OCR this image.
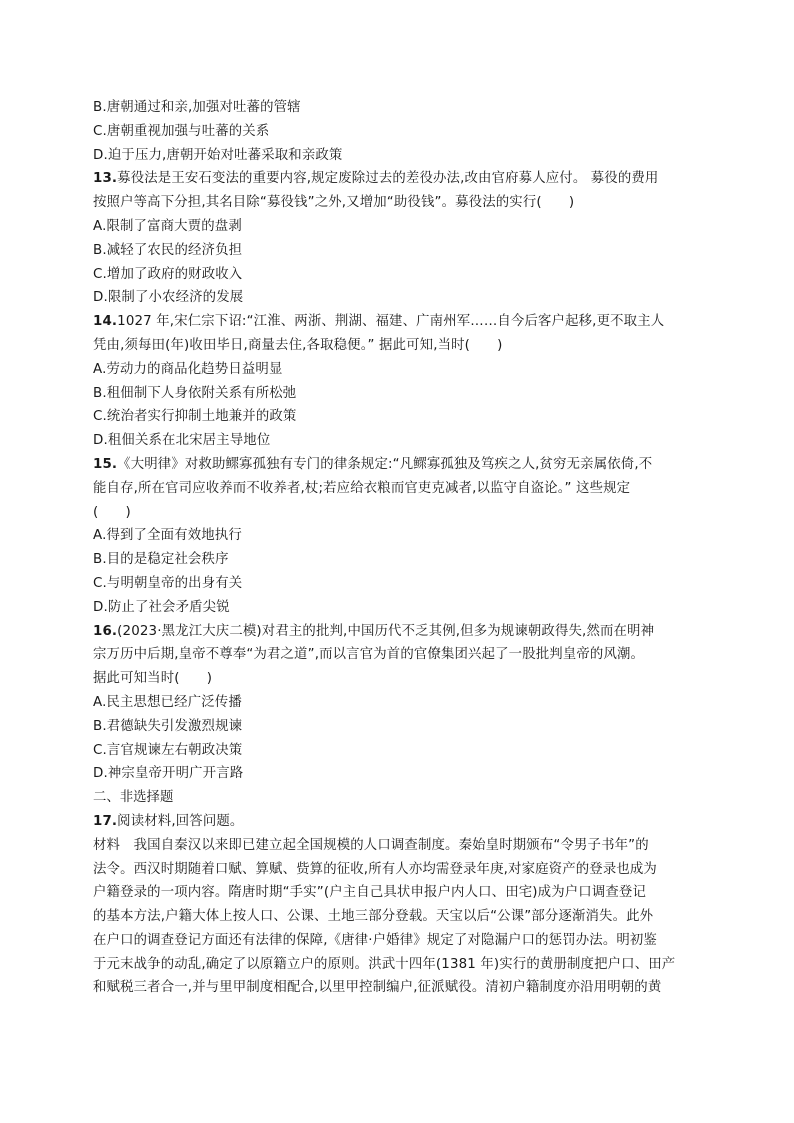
B.唐朝通过和亲,加强对吐蕃的管辖
C.唐朝重视加强与吐蕃的关系
D.迫于压力,唐朝开始对吐蕃采取和亲政策
13.募役法是王安石变法的重要内容,规定废除过去的差役办法,改由官府募人应付。 募役的费用
按照户等高下分担,其名目除“募役钱”之外,又增加“助役钱”。募役法的实行(　　)
A.限制了富商大贾的盘剥
B.减轻了农民的经济负担
C.增加了政府的财政收入
D.限制了小农经济的发展
14.1027 年,宋仁宗下诏:“江淮、两浙、荆湖、福建、广南州军……自今后客户起移,更不取主人
凭由,须每田(年)收田毕日,商量去住,各取稳便。” 据此可知,当时(　　)
A.劳动力的商品化趋势日益明显
B.租佃制下人身依附关系有所松弛
C.统治者实行抑制土地兼并的政策
D.租佃关系在北宋居主导地位
15.《大明律》对救助鳏寡孤独有专门的律条规定:“凡鳏寡孤独及笃疾之人,贫穷无亲属依倚,不
能自存,所在官司应收养而不收养者,杖;若应给衣粮而官吏克减者,以监守自盗论。” 这些规定
(　　)
A.得到了全面有效地执行
B.目的是稳定社会秩序
C.与明朝皇帝的出身有关
D.防止了社会矛盾尖锐
16.(2023·黑龙江大庆二模)对君主的批判,中国历代不乏其例,但多为规谏朝政得失,然而在明神
宗万历中后期,皇帝不尊奉“为君之道”,而以言官为首的官僚集团兴起了一股批判皇帝的风潮。
据此可知当时(　　)
A.民主思想已经广泛传播
B.君德缺失引发激烈规谏
C.言官规谏左右朝政决策
D.神宗皇帝开明广开言路
二、非选择题
17.阅读材料,回答问题。
材料　我国自秦汉以来即已建立起全国规模的人口调查制度。秦始皇时期颁布“令男子书年”的
法令。西汉时期随着口赋、算赋、赀算的征收,所有人亦均需登录年庚,对家庭资产的登录也成为
户籍登录的一项内容。隋唐时期“手实”(户主自己具状申报户内人口、田宅)成为户口调查登记
的基本方法,户籍大体上按人口、公课、土地三部分登载。天宝以后“公课”部分逐渐消失。此外
在户口的调查登记方面还有法律的保障,《唐律·户婚律》规定了对隐漏户口的惩罚办法。明初鉴
于元末战争的动乱,确定了以原籍立户的原则。洪武十四年(1381 年)实行的黄册制度把户口、田产
和赋税三者合一,并与里甲制度相配合,以里甲控制编户,征派赋役。清初户籍制度亦沿用明朝的黄
